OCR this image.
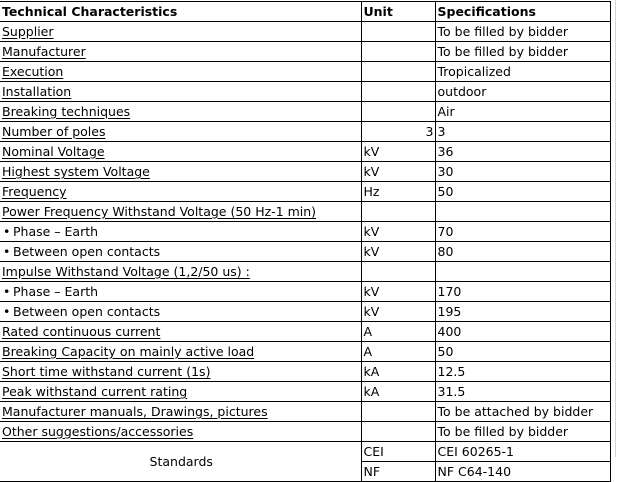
Technical Characteristics	Unit	Specifications
Supplier		To be filled by bidder
Manufacturer		To be filled by bidder
Execution		Tropicalized
Installation		outdoor
Breaking techniques		Air
Number of poles	3	3
Nominal Voltage	kV	36
Highest system Voltage	kV	30
Frequency	Hz	50
Power Frequency Withstand Voltage (50 Hz-1 min)		
• Phase – Earth	kV	70
• Between open contacts	kV	80
Impulse Withstand Voltage (1,2/50 us) :		
• Phase – Earth	kV	170
• Between open contacts	kV	195
Rated continuous current	A	400
Breaking Capacity on mainly active load	A	50
Short time withstand current (1s)	kA	12.5
Peak withstand current rating	kA	31.5
Manufacturer manuals, Drawings, pictures		To be attached by bidder
Other suggestions/accessories		To be filled by bidder
Standards	CEI	CEI 60265-1
	NF	NF C64-140
